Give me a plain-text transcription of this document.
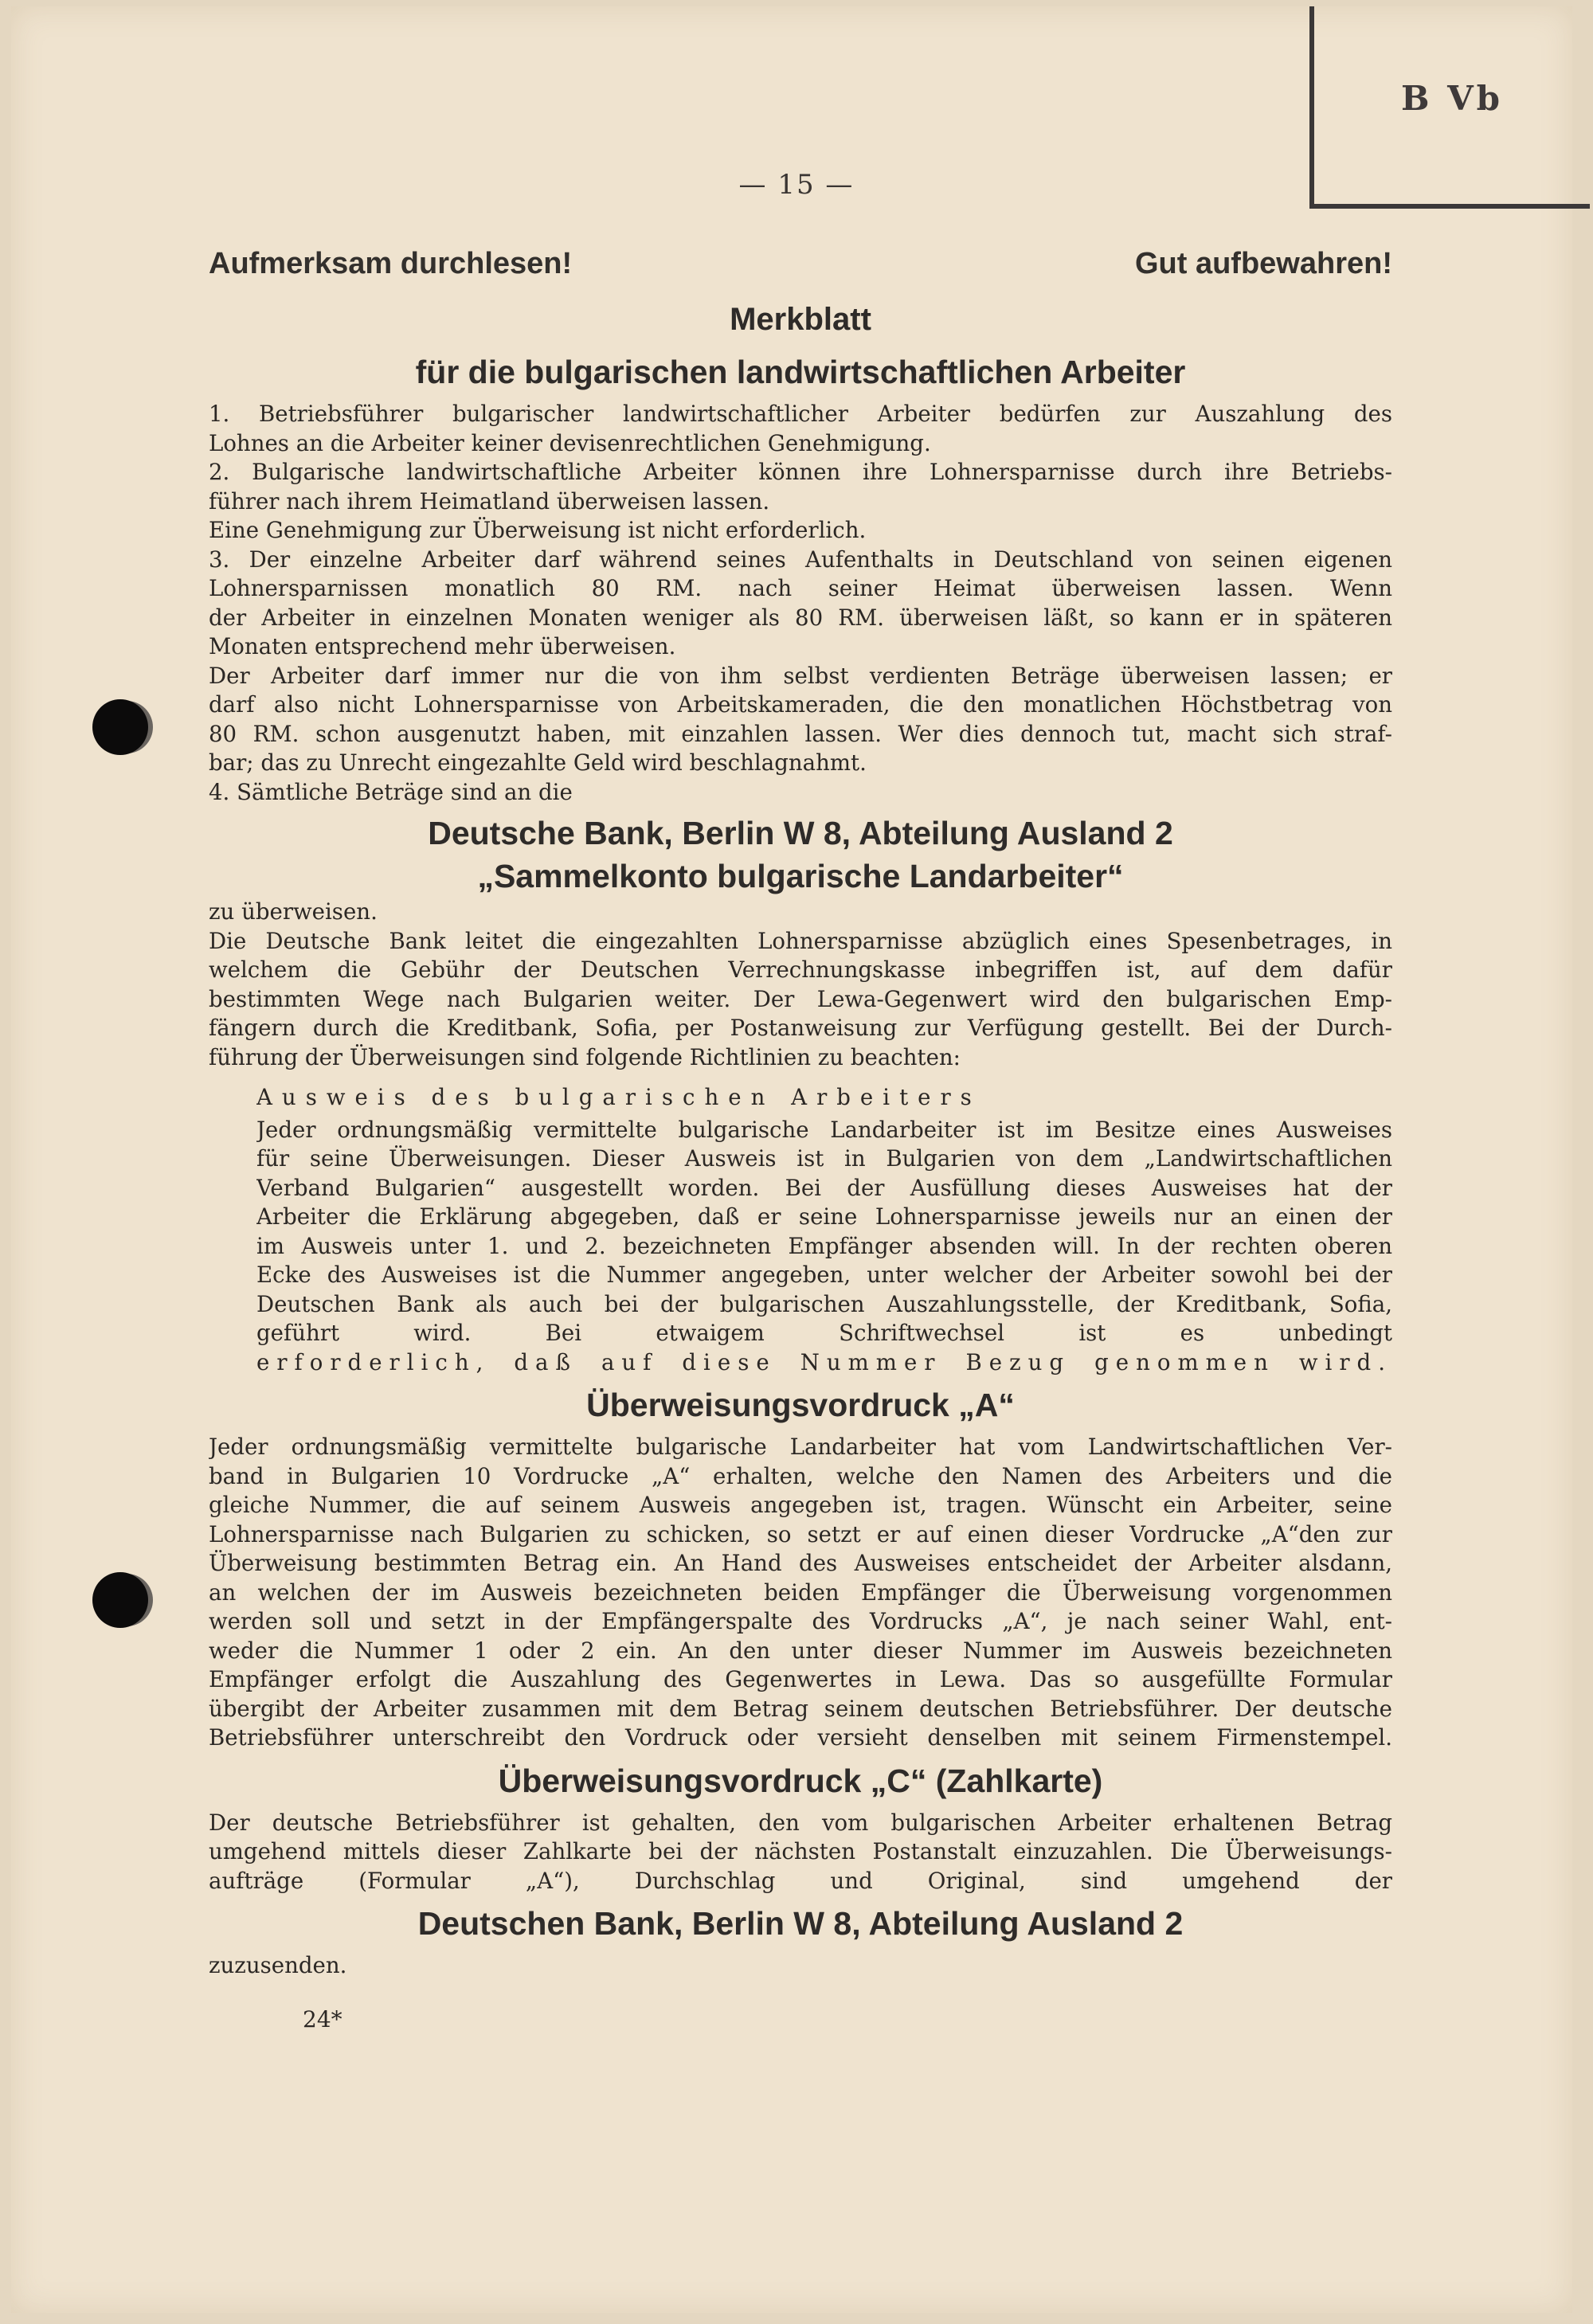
B Vb
— 15 —
Aufmerksam durchlesen!	Gut aufbewahren!
Merkblatt
für die bulgarischen landwirtschaftlichen Arbeiter

1. Betriebsführer bulgarischer landwirtschaftlicher Arbeiter bedürfen zur Auszahlung des

Lohnes an die Arbeiter keiner devisenrechtlichen Genehmigung.

2. Bulgarische landwirtschaftliche Arbeiter können ihre Lohnersparnisse durch ihre Betriebs-

führer nach ihrem Heimatland überweisen lassen.

Eine Genehmigung zur Überweisung ist nicht erforderlich.

3. Der einzelne Arbeiter darf während seines Aufenthalts in Deutschland von seinen eigenen

Lohnersparnissen monatlich 80 RM. nach seiner Heimat überweisen lassen. Wenn

der Arbeiter in einzelnen Monaten weniger als 80 RM. überweisen läßt, so kann er in späteren

Monaten entsprechend mehr überweisen.

Der Arbeiter darf immer nur die von ihm selbst verdienten Beträge überweisen lassen; er

darf also nicht Lohnersparnisse von Arbeitskameraden, die den monatlichen Höchstbetrag von

80 RM. schon ausgenutzt haben, mit einzahlen lassen. Wer dies dennoch tut, macht sich straf-

bar; das zu Unrecht eingezahlte Geld wird beschlagnahmt.

4. Sämtliche Beträge sind an die

Deutsche Bank, Berlin W 8, Abteilung Ausland 2
„Sammelkonto bulgarische Landarbeiter“

zu überweisen.

Die Deutsche Bank leitet die eingezahlten Lohnersparnisse abzüglich eines Spesenbetrages, in

welchem die Gebühr der Deutschen Verrechnungskasse inbegriffen ist, auf dem dafür

bestimmten Wege nach Bulgarien weiter. Der Lewa-Gegenwert wird den bulgarischen Emp-

fängern durch die Kreditbank, Sofia, per Postanweisung zur Verfügung gestellt. Bei der Durch-

führung der Überweisungen sind folgende Richtlinien zu beachten:

Ausweis des bulgarischen Arbeiters

Jeder ordnungsmäßig vermittelte bulgarische Landarbeiter ist im Besitze eines Ausweises

für seine Überweisungen. Dieser Ausweis ist in Bulgarien von dem „Landwirtschaftlichen

Verband Bulgarien“ ausgestellt worden. Bei der Ausfüllung dieses Ausweises hat der

Arbeiter die Erklärung abgegeben, daß er seine Lohnersparnisse jeweils nur an einen der

im Ausweis unter 1. und 2. bezeichneten Empfänger absenden will. In der rechten oberen

Ecke des Ausweises ist die Nummer angegeben, unter welcher der Arbeiter sowohl bei der

Deutschen Bank als auch bei der bulgarischen Auszahlungsstelle, der Kreditbank, Sofia,

geführt wird. Bei etwaigem Schriftwechsel ist es unbedingt

erforderlich, daß auf diese Nummer Bezug genommen wird.

Überweisungsvordruck „A“

Jeder ordnungsmäßig vermittelte bulgarische Landarbeiter hat vom Landwirtschaftlichen Ver-

band in Bulgarien 10 Vordrucke „A“ erhalten, welche den Namen des Arbeiters und die

gleiche Nummer, die auf seinem Ausweis angegeben ist, tragen. Wünscht ein Arbeiter, seine

Lohnersparnisse nach Bulgarien zu schicken, so setzt er auf einen dieser Vordrucke „A“den zur

Überweisung bestimmten Betrag ein. An Hand des Ausweises entscheidet der Arbeiter alsdann,

an welchen der im Ausweis bezeichneten beiden Empfänger die Überweisung vorgenommen

werden soll und setzt in der Empfängerspalte des Vordrucks „A“, je nach seiner Wahl, ent-

weder die Nummer 1 oder 2 ein. An den unter dieser Nummer im Ausweis bezeichneten

Empfänger erfolgt die Auszahlung des Gegenwertes in Lewa. Das so ausgefüllte Formular

übergibt der Arbeiter zusammen mit dem Betrag seinem deutschen Betriebsführer. Der deutsche

Betriebsführer unterschreibt den Vordruck oder versieht denselben mit seinem Firmenstempel.

Überweisungsvordruck „C“ (Zahlkarte)

Der deutsche Betriebsführer ist gehalten, den vom bulgarischen Arbeiter erhaltenen Betrag

umgehend mittels dieser Zahlkarte bei der nächsten Postanstalt einzuzahlen. Die Überweisungs-

aufträge (Formular „A“), Durchschlag und Original, sind umgehend der

Deutschen Bank, Berlin W 8, Abteilung Ausland 2

zuzusenden.

24*
